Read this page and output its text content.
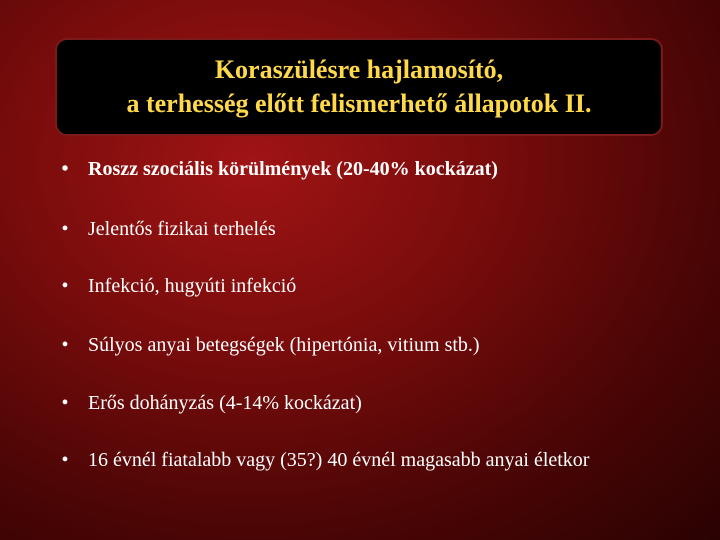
Koraszülésre hajlamosító,
a terhesség előtt felismerhető állapotok II.
• Roszz szociális körülmények (20-40% kockázat)
• Jelentős fizikai terhelés
• Infekció, hugyúti infekció
• Súlyos anyai betegségek (hipertónia, vitium stb.)
• Erős dohányzás (4-14% kockázat)
• 16 évnél fiatalabb vagy (35?) 40 évnél magasabb anyai életkor
